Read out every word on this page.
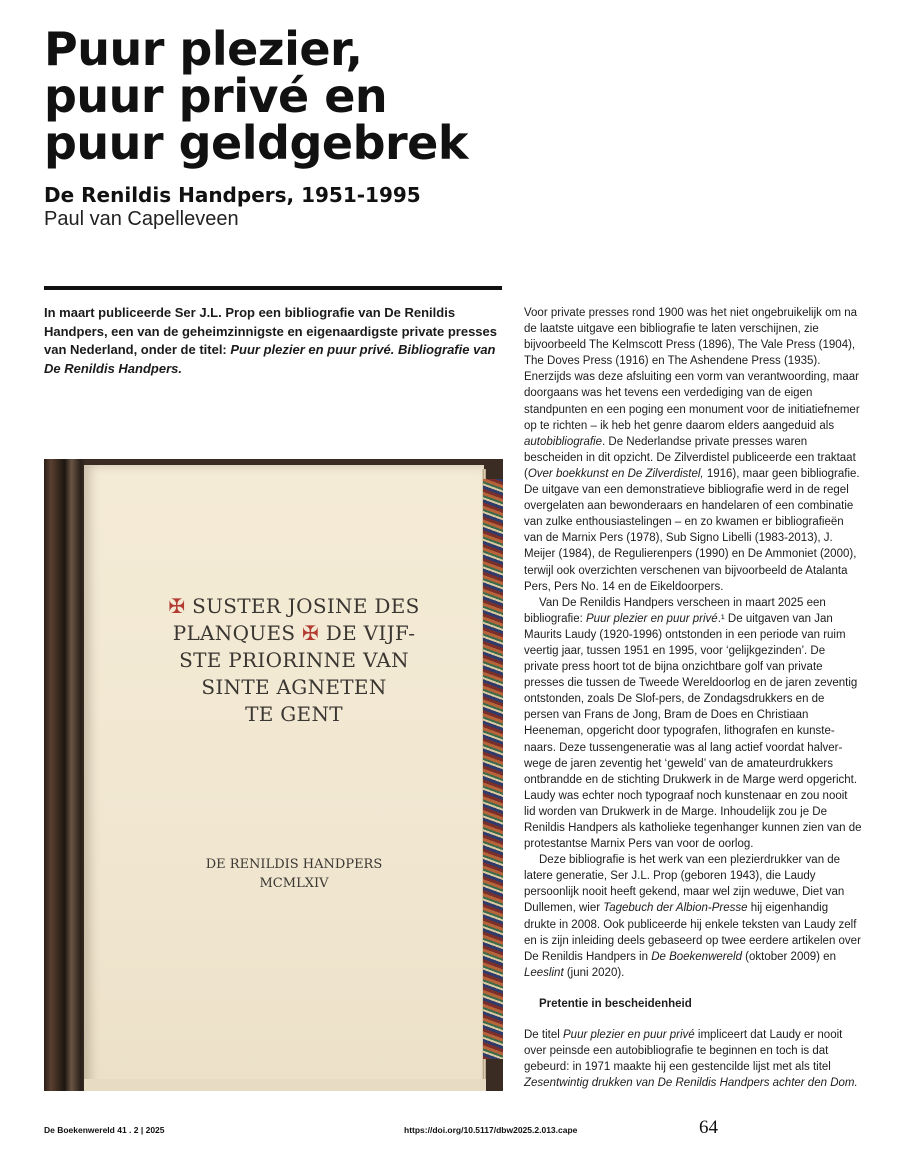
Puur plezier,
puur privé en
puur geldgebrek
De Renildis Handpers, 1951-1995
Paul van Capelleveen
In maart publiceerde Ser J.L. Prop een bibliografie van De Renildis Handpers, een van de geheimzinnigste en eigenaardigste private presses van Nederland, onder de titel: Puur plezier en puur privé. Bibliografie van De Renildis Handpers.
✠ SUSTER JOSINE DES
PLANQUES ✠ DE VIJF-
STE PRIORINNE VAN
SINTE AGNETEN
TE GENT
DE RENILDIS HANDPERS
MCMLXIV

Voor private presses rond 1900 was het niet ongebruikelijk om na de laatste uitgave een bibliografie te laten verschijnen, zie bijvoorbeeld The Kelmscott Press (1896), The Vale Press (1904), The Doves Press (1916) en The Ashendene Press (1935). Enerzijds was deze afsluiting een vorm van verantwoording, maar doorgaans was het tevens een verdediging van de eigen standpunten en een poging een monument voor de initiatiefnemer op te richten – ik heb het genre daarom elders aangeduid als autobibliografie. De Nederlandse private presses waren bescheiden in dit opzicht. De Zilverdistel publiceerde een traktaat (Over boekkunst en De Zilverdistel, 1916), maar geen bibliografie. De uitgave van een demonstratieve bibliografie werd in de regel overgelaten aan bewonderaars en handelaren of een combinatie van zulke enthousiastelingen – en zo kwamen er bibliografieën van de Marnix Pers (1978), Sub Signo Libelli (1983-2013), J. Meijer (1984), de Regulierenpers (1990) en De Ammoniet (2000), terwijl ook overzichten verschenen van bijvoorbeeld de Atalanta Pers, Pers No. 14 en de Eikeldoorpers.

Van De Renildis Handpers verscheen in maart 2025 een bibliografie: Puur plezier en puur privé.¹ De uitgaven van Jan Maurits Laudy (1920-1996) ontstonden in een periode van ruim veertig jaar, tussen 1951 en 1995, voor ‘gelijkgezinden’. De private press hoort tot de bijna onzichtbare golf van private presses die tussen de Tweede Wereldoorlog en de jaren zeventig ontstonden, zoals De Slof-pers, de Zondagsdrukkers en de persen van Frans de Jong, Bram de Does en Christiaan Heeneman, opgericht door typografen, lithografen en kunstenaars. Deze tussengeneratie was al lang actief voordat halverwege de jaren zeventig het ‘geweld’ van de amateurdrukkers ontbrandde en de stichting Drukwerk in de Marge werd opgericht. Laudy was echter noch typograaf noch kunstenaar en zou nooit lid worden van Drukwerk in de Marge. Inhoudelijk zou je De Renildis Handpers als katholieke tegenhanger kunnen zien van de protestantse Marnix Pers van voor de oorlog.

Deze bibliografie is het werk van een plezierdrukker van de latere generatie, Ser J.L. Prop (geboren 1943), die Laudy persoonlijk nooit heeft gekend, maar wel zijn weduwe, Diet van Dullemen, wier Tagebuch der Albion-Presse hij eigenhandig drukte in 2008. Ook publiceerde hij enkele teksten van Laudy zelf en is zijn inleiding deels gebaseerd op twee eerdere artikelen over De Renildis Handpers in De Boekenwereld (oktober 2009) en Leeslint (juni 2020).

Pretentie in bescheidenheid

De titel Puur plezier en puur privé impliceert dat Laudy er nooit over peinsde een autobibliografie te beginnen en toch is dat gebeurd: in 1971 maakte hij een gestencilde lijst met als titel Zesentwintig drukken van De Renildis Handpers achter den Dom.

De Boekenwereld 41 . 2 | 2025	https://doi.org/10.5117/dbw2025.2.013.cape	64
